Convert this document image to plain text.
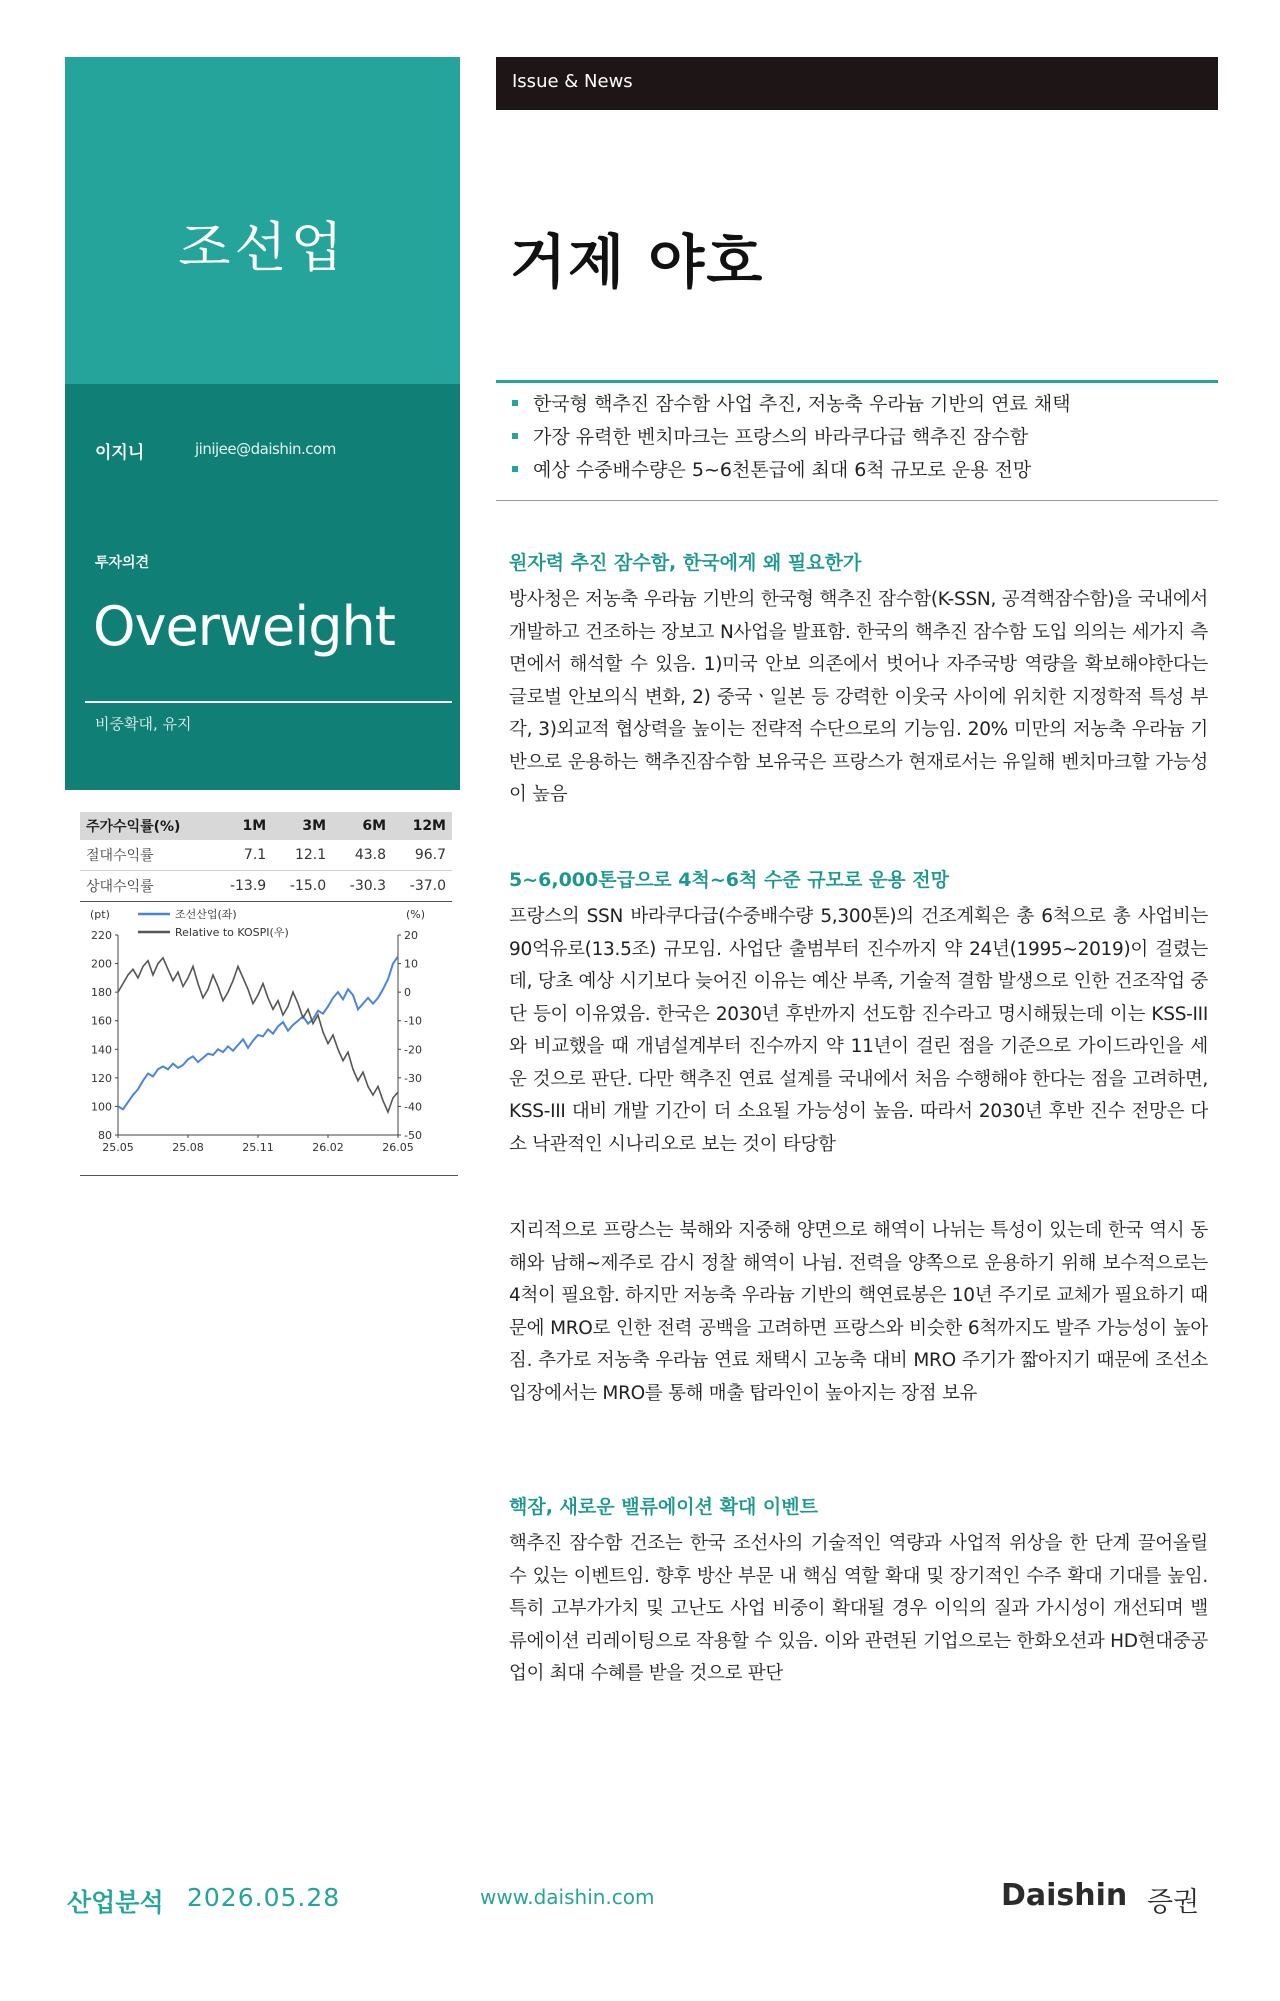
조선업
이지니	jinijee@daishin.com
투자의견
Overweight
비중확대, 유지
주가수익률(%)	1M	3M	6M	12M
절대수익률	7.1	12.1	43.8	96.7
상대수익률	-13.9	-15.0	-30.3	-37.0
(pt)	(%)
220
200
180
160
140
120
100
80
20
10
0
-10
-20
-30
-40
-50
25.05	25.08	25.11	26.02	26.05
조선산업(좌)
Relative to KOSPI(우)
Issue & News
거제 야호
한국형 핵추진 잠수함 사업 추진, 저농축 우라늄 기반의 연료 채택
가장 유력한 벤치마크는 프랑스의 바라쿠다급 핵추진 잠수함
예상 수중배수량은 5~6천톤급에 최대 6척 규모로 운용 전망
원자력 추진 잠수함, 한국에게 왜 필요한가

방사청은 저농축 우라늄 기반의 한국형 핵추진 잠수함(K-SSN, 공격핵잠수함)을 국내에서 개발하고 건조하는 장보고 N사업을 발표함. 한국의 핵추진 잠수함 도입 의의는 세가지 측면에서 해석할 수 있음. 1)미국 안보 의존에서 벗어나 자주국방 역량을 확보해야한다는 글로벌 안보의식 변화, 2) 중국ㆍ일본 등 강력한 이웃국 사이에 위치한 지정학적 특성 부각, 3)외교적 협상력을 높이는 전략적 수단으로의 기능임. 20% 미만의 저농축 우라늄 기반으로 운용하는 핵추진잠수함 보유국은 프랑스가 현재로서는 유일해 벤치마크할 가능성이 높음

5~6,000톤급으로 4척~6척 수준 규모로 운용 전망

프랑스의 SSN 바라쿠다급(수중배수량 5,300톤)의 건조계획은 총 6척으로 총 사업비는 90억유로(13.5조) 규모임. 사업단 출범부터 진수까지 약 24년(1995~2019)이 걸렸는데, 당초 예상 시기보다 늦어진 이유는 예산 부족, 기술적 결함 발생으로 인한 건조작업 중단 등이 이유였음. 한국은 2030년 후반까지 선도함 진수라고 명시해뒀는데 이는 KSS-III와 비교했을 때 개념설계부터 진수까지 약 11년이 걸린 점을 기준으로 가이드라인을 세운 것으로 판단. 다만 핵추진 연료 설계를 국내에서 처음 수행해야 한다는 점을 고려하면, KSS-III 대비 개발 기간이 더 소요될 가능성이 높음. 따라서 2030년 후반 진수 전망은 다소 낙관적인 시나리오로 보는 것이 타당함

지리적으로 프랑스는 북해와 지중해 양면으로 해역이 나뉘는 특성이 있는데 한국 역시 동해와 남해~제주로 감시 정찰 해역이 나뉨. 전력을 양쪽으로 운용하기 위해 보수적으로는 4척이 필요함. 하지만 저농축 우라늄 기반의 핵연료봉은 10년 주기로 교체가 필요하기 때문에 MRO로 인한 전력 공백을 고려하면 프랑스와 비슷한 6척까지도 발주 가능성이 높아짐. 추가로 저농축 우라늄 연료 채택시 고농축 대비 MRO 주기가 짧아지기 때문에 조선소 입장에서는 MRO를 통해 매출 탑라인이 높아지는 장점 보유

핵잠, 새로운 밸류에이션 확대 이벤트

핵추진 잠수함 건조는 한국 조선사의 기술적인 역량과 사업적 위상을 한 단계 끌어올릴 수 있는 이벤트임. 향후 방산 부문 내 핵심 역할 확대 및 장기적인 수주 확대 기대를 높임. 특히 고부가가치 및 고난도 사업 비중이 확대될 경우 이익의 질과 가시성이 개선되며 밸류에이션 리레이팅으로 작용할 수 있음. 이와 관련된 기업으로는 한화오션과 HD현대중공업이 최대 수혜를 받을 것으로 판단

산업분석 2026.05.28	www.daishin.com	Daishin 증권
